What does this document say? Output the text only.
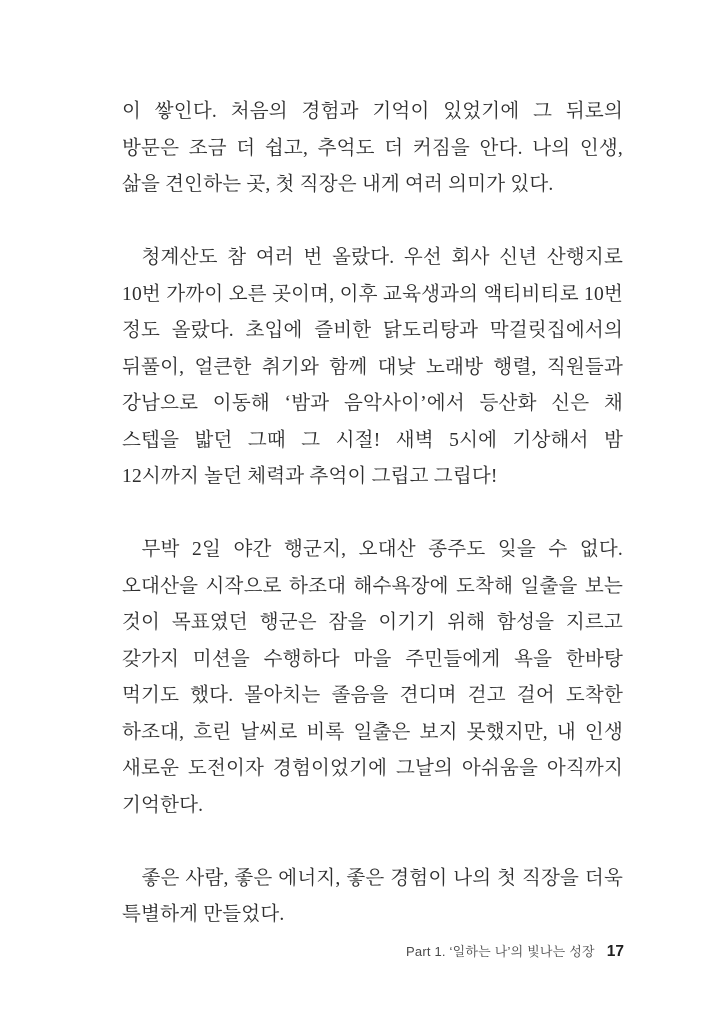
이 쌓인다. 처음의 경험과 기억이 있었기에 그 뒤로의 방문은 조금 더 쉽고, 추억도 더 커짐을 안다. 나의 인생, 삶을 견인하는 곳, 첫 직장은 내게 여러 의미가 있다.

청계산도 참 여러 번 올랐다. 우선 회사 신년 산행지로 10번 가까이 오른 곳이며, 이후 교육생과의 액티비티로 10번 정도 올랐다. 초입에 즐비한 닭도리탕과 막걸릿집에서의 뒤풀이, 얼큰한 취기와 함께 대낮 노래방 행렬, 직원들과 강남으로 이동해 ‘밤과 음악사이’에서 등산화 신은 채 스텝을 밟던 그때 그 시절! 새벽 5시에 기상해서 밤 12시까지 놀던 체력과 추억이 그립고 그립다!

무박 2일 야간 행군지, 오대산 종주도 잊을 수 없다. 오대산을 시작으로 하조대 해수욕장에 도착해 일출을 보는 것이 목표였던 행군은 잠을 이기기 위해 함성을 지르고 갖가지 미션을 수행하다 마을 주민들에게 욕을 한바탕 먹기도 했다. 몰아치는 졸음을 견디며 걷고 걸어 도착한 하조대, 흐린 날씨로 비록 일출은 보지 못했지만, 내 인생 새로운 도전이자 경험이었기에 그날의 아쉬움을 아직까지 기억한다.

좋은 사람, 좋은 에너지, 좋은 경험이 나의 첫 직장을 더욱 특별하게 만들었다.

Part 1. ‘일하는 나’의 빛나는 성장 17
